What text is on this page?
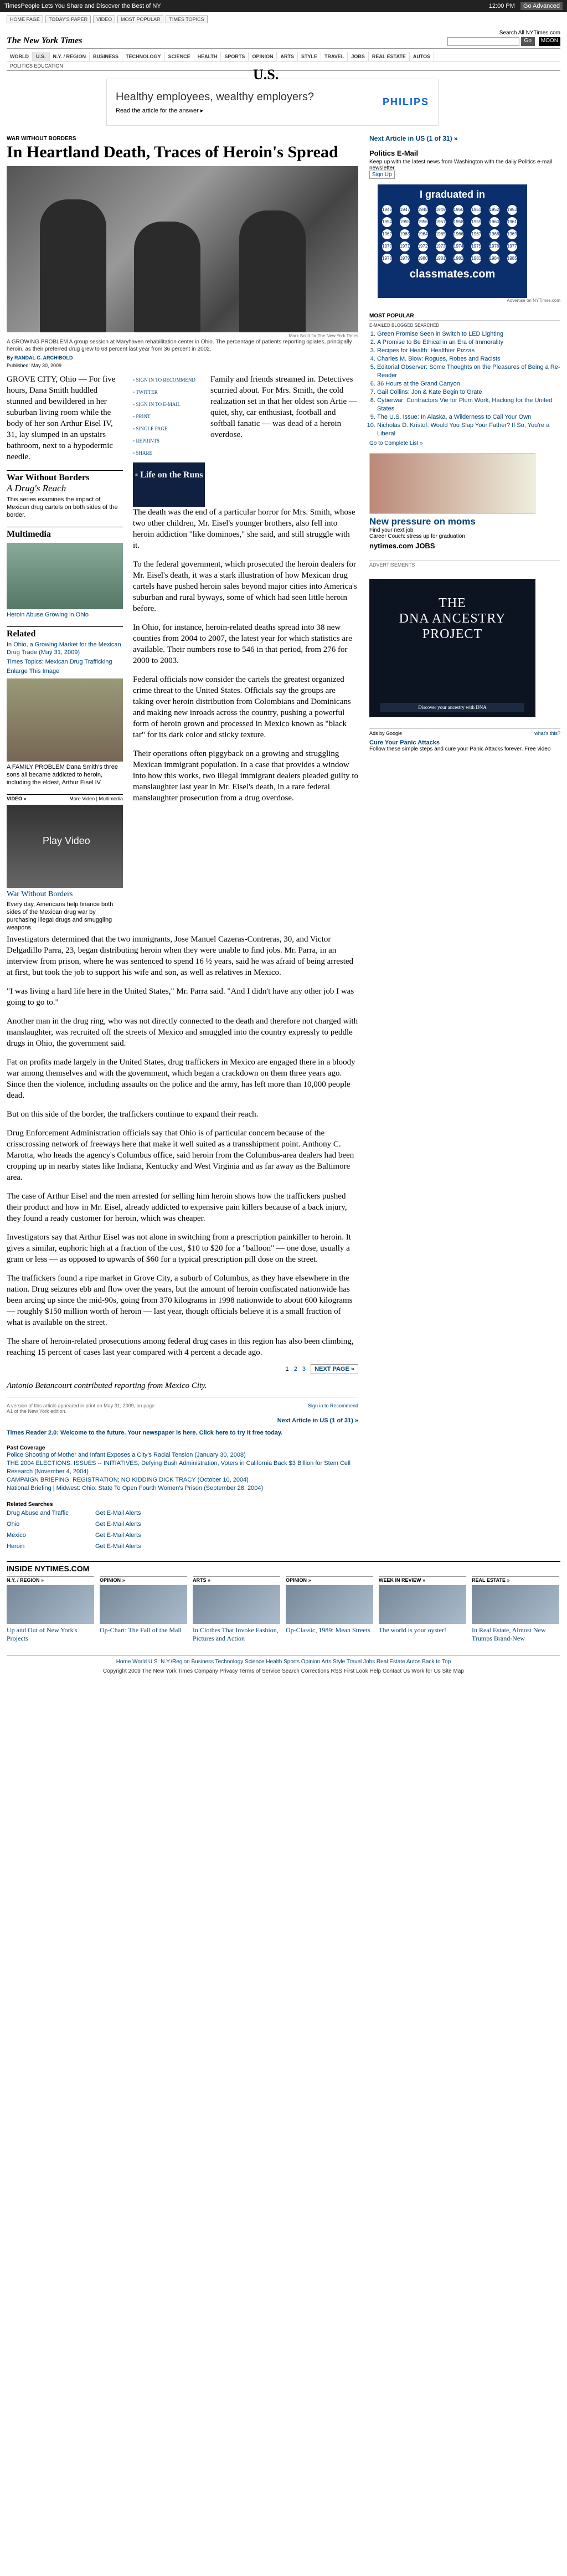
TimesPeople Lets You Share and Discover the Best of NY	12:00 PM	Go Advanced
HOME PAGE	TODAY'S PAPER	VIDEO	MOST POPULAR	TIMES TOPICS
The New York Times
Search All NYTimes.com
Go	MOON
U.S.
WORLD	U.S.	N.Y. / REGION	BUSINESS	TECHNOLOGY	SCIENCE	HEALTH	SPORTS	OPINION	ARTS	STYLE	TRAVEL	JOBS	REAL ESTATE	AUTOS
POLITICS EDUCATION
Healthy employees, wealthy employers?
Read the article for the answer ▸
PHILIPS
WAR WITHOUT BORDERS
In Heartland Death, Traces of Heroin's Spread
Mark Scott for The New York Times
A GROWING PROBLEM A group session at Maryhaven rehabilitation center in Ohio. The percentage of patients reporting opiates, principally heroin, as their preferred drug grew to 68 percent last year from 36 percent in 2002.
By RANDAL C. ARCHIBOLD
Published: May 30, 2009

GROVE CITY, Ohio — For five hours, Dana Smith huddled stunned and bewildered in her suburban living room while the body of her son Arthur Eisel IV, 31, lay slumped in an upstairs bathroom, next to a hypodermic needle.

War Without Borders
A Drug's Reach

This series examines the impact of Mexican drug cartels on both sides of the border.

Multimedia

Heroin Abuse Growing in Ohio

Related

In Ohio, a Growing Market for the Mexican Drug Trade (May 31, 2009)

Times Topics: Mexican Drug Trafficking

Enlarge This Image

A FAMILY PROBLEM Dana Smith's three sons all became addicted to heroin, including the eldest, Arthur Eisel IV.

VIDEO »	More Video | Multimedia
Play Video
War Without Borders

Every day, Americans help finance both sides of the Mexican drug war by purchasing illegal drugs and smuggling weapons.

▪ SIGN IN TO RECOMMEND
▪ TWITTER
▪ SIGN IN TO E-MAIL
▪ PRINT
▪ SINGLE PAGE
▪ REPRINTS
▪ SHARE
▪ Life on the Runs

Family and friends streamed in. Detectives scurried about. For Mrs. Smith, the cold realization set in that her oldest son Artie — quiet, shy, car enthusiast, football and softball fanatic — was dead of a heroin overdose.

The death was the end of a particular horror for Mrs. Smith, whose two other children, Mr. Eisel's younger brothers, also fell into heroin addiction "like dominoes," she said, and still struggle with it.

To the federal government, which prosecuted the heroin dealers for Mr. Eisel's death, it was a stark illustration of how Mexican drug cartels have pushed heroin sales beyond major cities into America's suburban and rural byways, some of which had seen little heroin before.

In Ohio, for instance, heroin-related deaths spread into 38 new counties from 2004 to 2007, the latest year for which statistics are available. Their numbers rose to 546 in that period, from 276 for 2000 to 2003.

Federal officials now consider the cartels the greatest organized crime threat to the United States. Officials say the groups are taking over heroin distribution from Colombians and Dominicans and making new inroads across the country, pushing a powerful form of heroin grown and processed in Mexico known as "black tar" for its dark color and sticky texture.

Their operations often piggyback on a growing and struggling Mexican immigrant population. In a case that provides a window into how this works, two illegal immigrant dealers pleaded guilty to manslaughter last year in Mr. Eisel's death, in a rare federal manslaughter prosecution from a drug overdose.

Investigators determined that the two immigrants, Jose Manuel Cazeras-Contreras, 30, and Victor Delgadillo Parra, 23, began distributing heroin when they were unable to find jobs. Mr. Parra, in an interview from prison, where he was sentenced to spend 16 ½ years, said he was afraid of being arrested at first, but took the job to support his wife and son, as well as relatives in Mexico.

"I was living a hard life here in the United States," Mr. Parra said. "And I didn't have any other job I was going to go to."

Another man in the drug ring, who was not directly connected to the death and therefore not charged with manslaughter, was recruited off the streets of Mexico and smuggled into the country expressly to peddle drugs in Ohio, the government said.

Fat on profits made largely in the United States, drug traffickers in Mexico are engaged there in a bloody war among themselves and with the government, which began a crackdown on them three years ago. Since then the violence, including assaults on the police and the army, has left more than 10,000 people dead.

But on this side of the border, the traffickers continue to expand their reach.

Drug Enforcement Administration officials say that Ohio is of particular concern because of the crisscrossing network of freeways here that make it well suited as a transshipment point. Anthony C. Marotta, who heads the agency's Columbus office, said heroin from the Columbus-area dealers had been cropping up in nearby states like Indiana, Kentucky and West Virginia and as far away as the Baltimore area.

The case of Arthur Eisel and the men arrested for selling him heroin shows how the traffickers pushed their product and how in Mr. Eisel, already addicted to expensive pain killers because of a back injury, they found a ready customer for heroin, which was cheaper.

Investigators say that Arthur Eisel was not alone in switching from a prescription painkiller to heroin. It gives a similar, euphoric high at a fraction of the cost, $10 to $20 for a "balloon" — one dose, usually a gram or less — as opposed to upwards of $60 for a typical prescription pill dose on the street.

The traffickers found a ripe market in Grove City, a suburb of Columbus, as they have elsewhere in the nation. Drug seizures ebb and flow over the years, but the amount of heroin confiscated nationwide has been arcing up since the mid-90s, going from 370 kilograms in 1998 nationwide to about 600 kilograms — roughly $150 million worth of heroin — last year, though officials believe it is a small fraction of what is available on the street.

The share of heroin-related prosecutions among federal drug cases in this region has also been climbing, reaching 15 percent of cases last year compared with 4 percent a decade ago.

1 2 3 NEXT PAGE »

Antonio Betancourt contributed reporting from Mexico City.

A version of this article appeared in print on May 31, 2009, on page A1 of the New York edition.
Sign in to Recommend
Next Article in US (1 of 31) »
Times Reader 2.0: Welcome to the future. Your newspaper is here. Click here to try it free today.
Past Coverage
Police Shooting of Mother and Infant Exposes a City's Racial Tension (January 30, 2008)
THE 2004 ELECTIONS: ISSUES -- INITIATIVES; Defying Bush Administration, Voters in California Back $3 Billion for Stem Cell Research (November 4, 2004)
CAMPAIGN BRIEFING: REGISTRATION; NO KIDDING DICK TRACY (October 10, 2004)
National Briefing | Midwest: Ohio: State To Open Fourth Women's Prison (September 28, 2004)
Related Searches
Drug Abuse and Traffic	Get E-Mail Alerts
Ohio	Get E-Mail Alerts
Mexico	Get E-Mail Alerts
Heroin	Get E-Mail Alerts
Next Article in US (1 of 31) »
Politics E-Mail

Keep up with the latest news from Washington with the daily Politics e-mail newsletter.

Sign Up
I graduated in
1946 1947 1948 1949 1950 1951 1952 1953
1954 1955 1956 1957 1958 1959 1960 1961
1962 1963 1964 1965 1966 1967 1968 1969
1970 1971 1972 1973 1974 1975 1976 1977
1978 1979 1980 1981 1982 1983 1984 1985
classmates.com
Advertise on NYTimes.com
MOST POPULAR
E-MAILED BLOGGED SEARCHED
1. Green Promise Seen in Switch to LED Lighting
2. A Promise to Be Ethical in an Era of Immorality
3. Recipes for Health: Healthier Pizzas
4. Charles M. Blow: Rogues, Robes and Racists
5. Editorial Observer: Some Thoughts on the Pleasures of Being a Re-Reader
6. 36 Hours at the Grand Canyon
7. Gail Collins: Jon & Kate Begin to Grate
8. Cyberwar: Contractors Vie for Plum Work, Hacking for the United States
9. The U.S. Issue: In Alaska, a Wilderness to Call Your Own
10. Nicholas D. Kristof: Would You Slap Your Father? If So, You're a Liberal
Go to Complete List »
New pressure on moms
Find your next job
Career Couch: stress up for graduation
nytimes.com JOBS
ADVERTISEMENTS
THE
DNA ANCESTRY
PROJECT
Discover your ancestry with DNA
Ads by Google	what's this?
Cure Your Panic Attacks
Follow these simple steps and cure your Panic Attacks forever. Free video
INSIDE NYTIMES.COM
N.Y. / REGION »
Up and Out of New York's Projects
OPINION »
Op-Chart: The Fall of the Mall
ARTS »
In Clothes That Invoke Fashion, Pictures and Action
OPINION »
Op-Classic, 1989: Mean Streets
WEEK IN REVIEW »
The world is your oyster!
REAL ESTATE »
In Real Estate, Almost New Trumps Brand-New
Home World U.S. N.Y./Region Business Technology Science Health Sports Opinion Arts Style Travel Jobs Real Estate Autos Back to Top
Copyright 2009 The New York Times Company Privacy Terms of Service Search Corrections RSS First Look Help Contact Us Work for Us Site Map
